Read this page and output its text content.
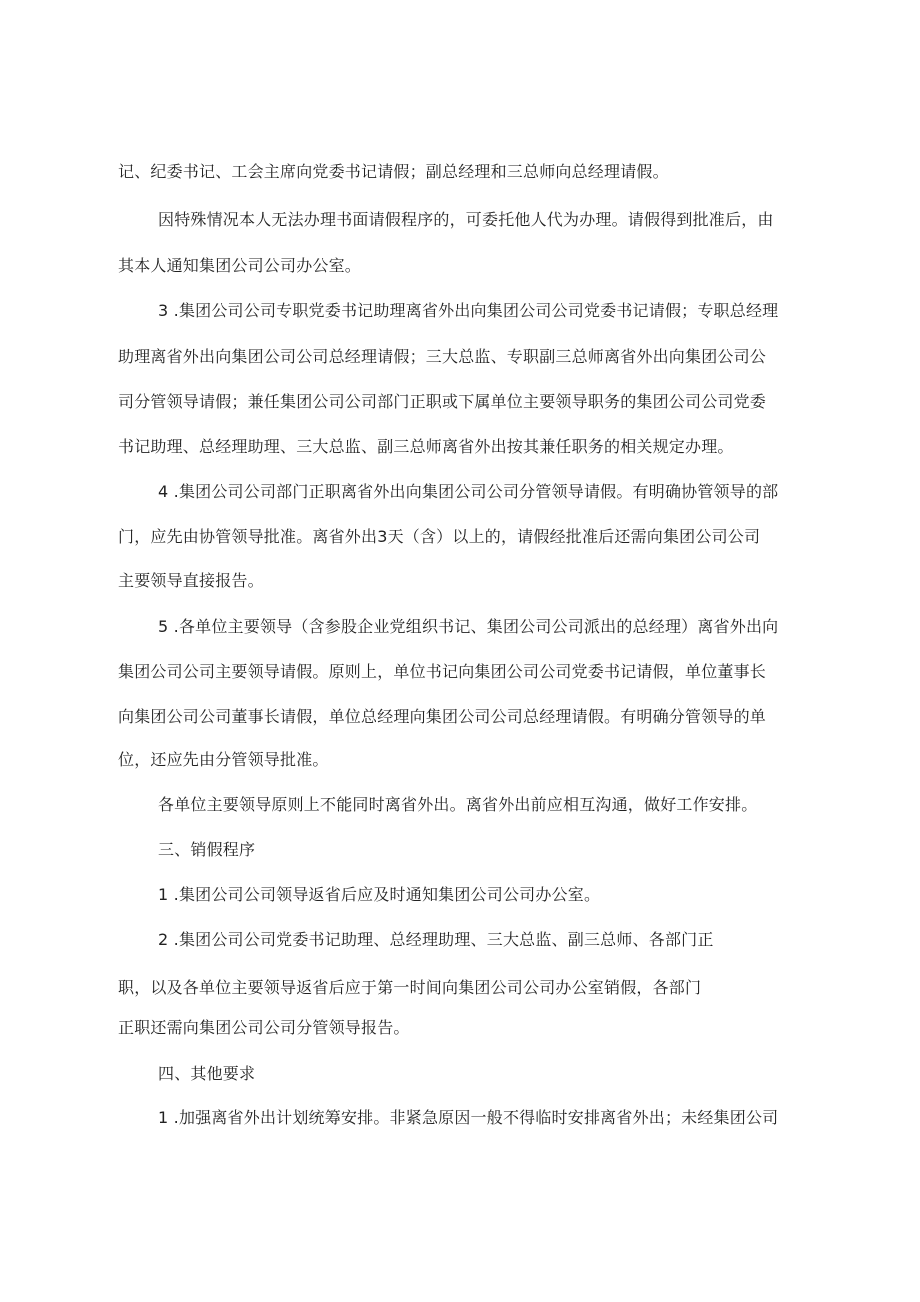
记、纪委书记、工会主席向党委书记请假；副总经理和三总师向总经理请假。
因特殊情况本人无法办理书面请假程序的，可委托他人代为办理。请假得到批准后，由
其本人通知集团公司公司办公室。
3 .集团公司公司专职党委书记助理离省外出向集团公司公司党委书记请假；专职总经理
助理离省外出向集团公司公司总经理请假；三大总监、专职副三总师离省外出向集团公司公
司分管领导请假；兼任集团公司公司部门正职或下属单位主要领导职务的集团公司公司党委
书记助理、总经理助理、三大总监、副三总师离省外出按其兼任职务的相关规定办理。
4 .集团公司公司部门正职离省外出向集团公司公司分管领导请假。有明确协管领导的部
门，应先由协管领导批准。离省外出3天（含）以上的，请假经批准后还需向集团公司公司
主要领导直接报告。
5 .各单位主要领导（含参股企业党组织书记、集团公司公司派出的总经理）离省外出向
集团公司公司主要领导请假。原则上，单位书记向集团公司公司党委书记请假，单位董事长
向集团公司公司董事长请假，单位总经理向集团公司公司总经理请假。有明确分管领导的单
位，还应先由分管领导批准。
各单位主要领导原则上不能同时离省外出。离省外出前应相互沟通，做好工作安排。
三、销假程序
1 .集团公司公司领导返省后应及时通知集团公司公司办公室。
2 .集团公司公司党委书记助理、总经理助理、三大总监、副三总师、各部门正
职，以及各单位主要领导返省后应于第一时间向集团公司公司办公室销假，各部门
正职还需向集团公司公司分管领导报告。
四、其他要求
1 .加强离省外出计划统筹安排。非紧急原因一般不得临时安排离省外出；未经集团公司
